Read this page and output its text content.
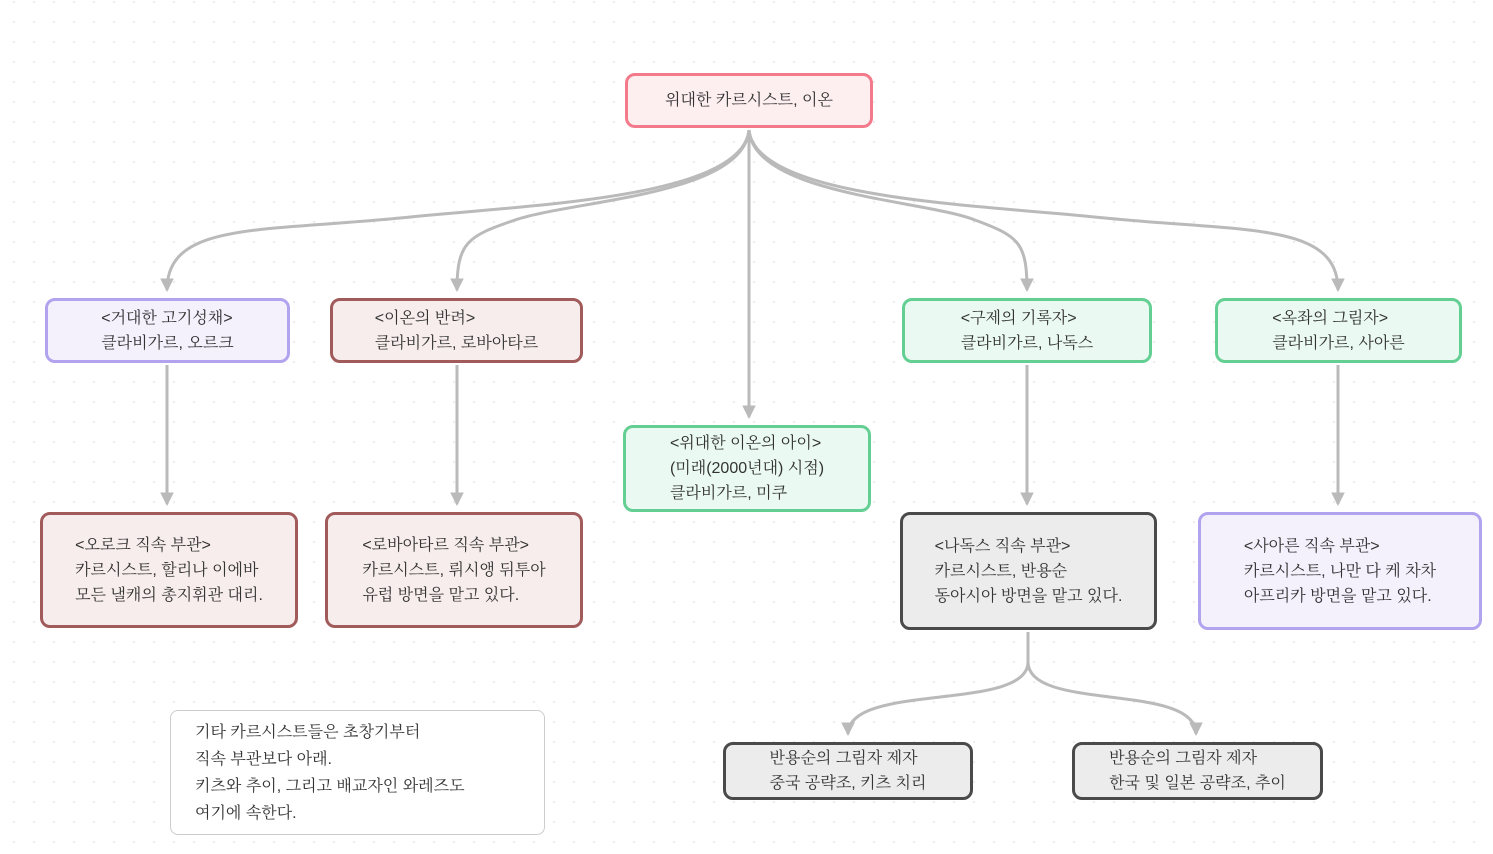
위대한 카르시스트, 이온
<거대한 고기성채>
클라비가르, 오르크
<이온의 반려>
클라비가르, 로바아타르
<구제의 기록자>
클라비가르, 나독스
<옥좌의 그림자>
클라비가르, 사아른
<위대한 이온의 아이>
(미래(2000년대) 시점)
클라비가르, 미쿠
<오로크 직속 부관>
카르시스트, 할리나 이에바
모든 낼캐의 총지휘관 대리.
<로바아타르 직속 부관>
카르시스트, 뤼시앵 뒤투아
유럽 방면을 맡고 있다.
<나독스 직속 부관>
카르시스트, 반용순
동아시아 방면을 맡고 있다.
<사아른 직속 부관>
카르시스트, 나만 다 케 차차
아프리카 방면을 맡고 있다.
반용순의 그림자 제자
중국 공략조, 키츠 치리
반용순의 그림자 제자
한국 및 일본 공략조, 추이
기타 카르시스트들은 초창기부터
직속 부관보다 아래.
키츠와 추이, 그리고 배교자인 와레즈도
여기에 속한다.
